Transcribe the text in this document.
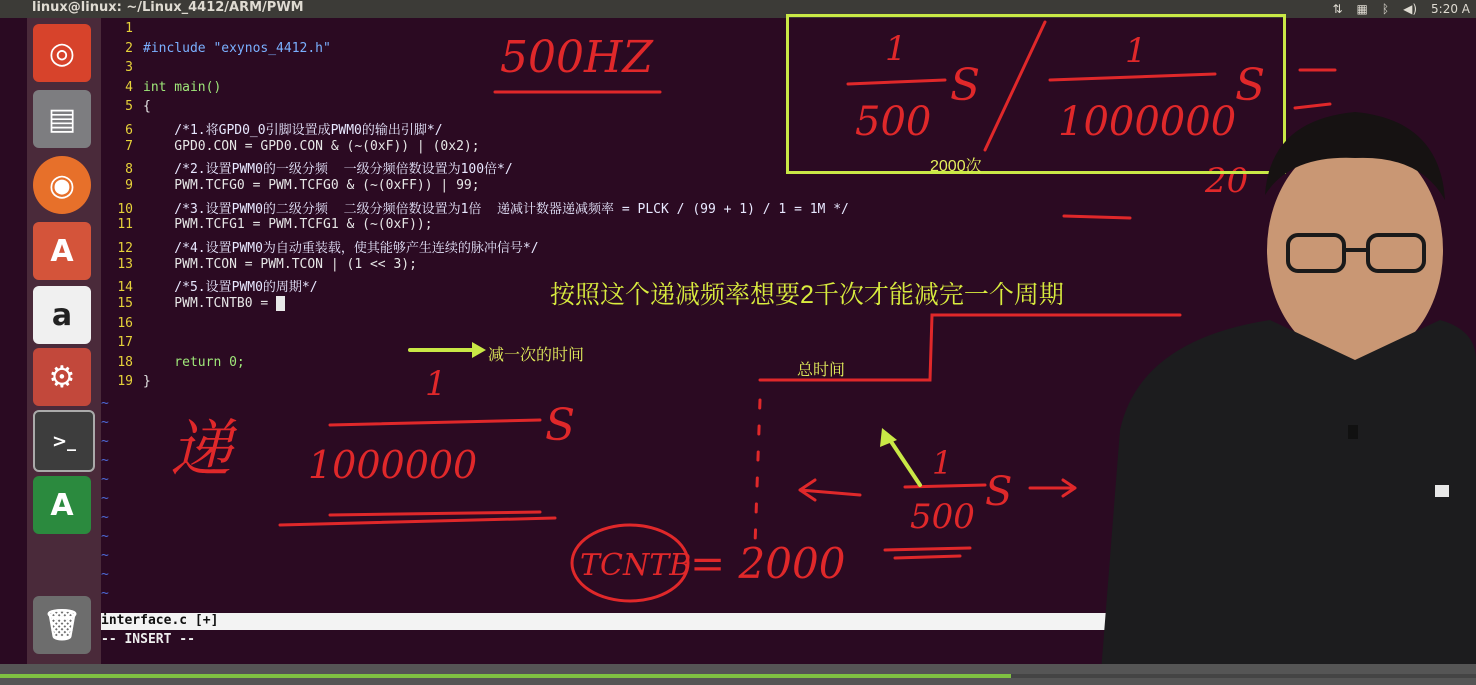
linux@linux: ~/Linux_4412/ARM/PWM	⇅ ▦ ᛒ ◀) 5:20 A
◎
▤
◉
A
a
⚙
>_
A
🗑
1
2 #include "exynos_4412.h"
3
4 int main()
5 {
6    /*1.将GPD0_0引脚设置成PWM0的输出引脚*/
7    GPD0.CON = GPD0.CON & (~(0xF)) | (0x2);
8    /*2.设置PWM0的一级分频  一级分频倍数设置为100倍*/
9    PWM.TCFG0 = PWM.TCFG0 & (~(0xFF)) | 99;
10    /*3.设置PWM0的二级分频  二级分频倍数设置为1倍  递减计数器递减频率 = PLCK / (99 + 1) / 1 = 1M */
11    PWM.TCFG1 = PWM.TCFG1 & (~(0xF));
12    /*4.设置PWM0为自动重装载，使其能够产生连续的脉冲信号*/
13    PWM.TCON = PWM.TCON | (1 << 3);
14    /*5.设置PWM0的周期*/
15    PWM.TCNTB0 =
16
17
18    return 0;
19 }
~
~
~
~
~
~
~
~
~
~
~
interface.c [+]
-- INSERT --
500HZ	1
S
500
1
S
1000000
20
1
S
1000000
递
TCNTB
= 2000
1
S
500
按照这个递减频率想要2千次才能减完一个周期
2000次
减一次的时间
总时间
